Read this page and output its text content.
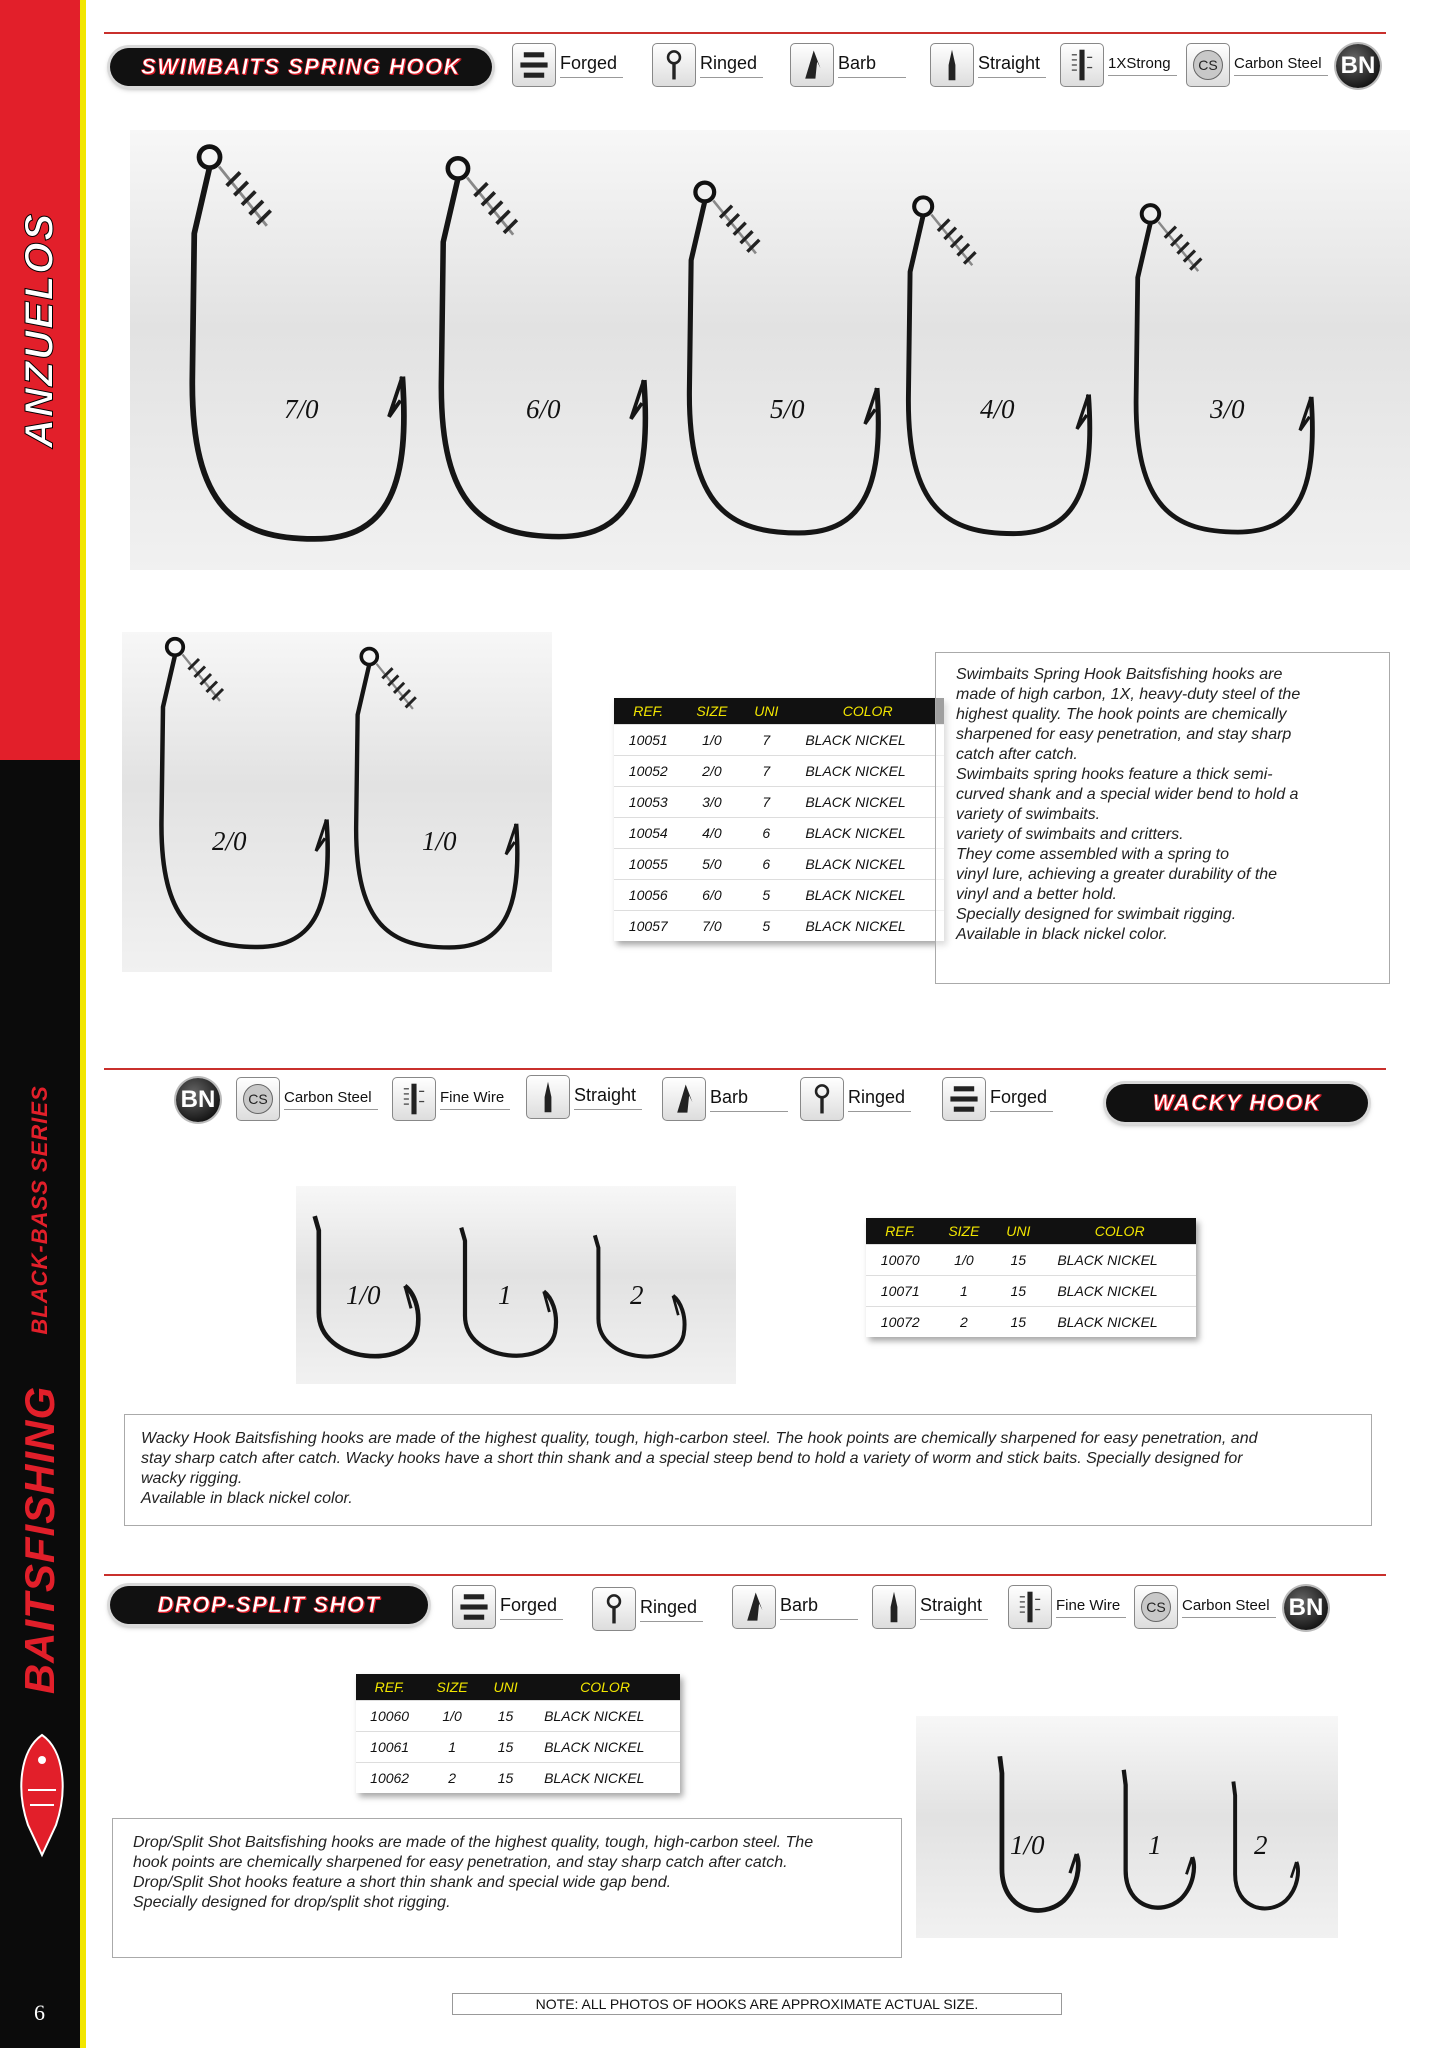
ANZUELOS
BLACK-BASS SERIES
BAITSFISHING
6
SWIMBAITS SPRING HOOK	Forged	Ringed	Barb	Straight	1XStrong	CS	Carbon Steel BN
7/0	6/0	5/0	4/0	3/0
2/0	1/0
REF.	SIZE	UNI	COLOR
10051	1/0	7	BLACK NICKEL
10052	2/0	7	BLACK NICKEL
10053	3/0	7	BLACK NICKEL
10054	4/0	6	BLACK NICKEL
10055	5/0	6	BLACK NICKEL
10056	6/0	5	BLACK NICKEL
10057	7/0	5	BLACK NICKEL

Swimbaits Spring Hook Baitsfishing hooks are

made of high carbon, 1X, heavy-duty steel of the

highest quality. The hook points are chemically

sharpened for easy penetration, and stay sharp

catch after catch.

Swimbaits spring hooks feature a thick semi-

curved shank and a special wider bend to hold a

variety of swimbaits.

variety of swimbaits and critters.

They come assembled with a spring to

vinyl lure, achieving a greater durability of the

vinyl and a better hold.

Specially designed for swimbait rigging.

Available in black nickel color.

BN	CS	Carbon Steel	Fine Wire	Straight	Barb	Ringed	Forged	WACKY HOOK
1/0	1	2
REF.	SIZE	UNI	COLOR
10070	1/0	15	BLACK NICKEL
10071	1	15	BLACK NICKEL
10072	2	15	BLACK NICKEL

Wacky Hook Baitsfishing hooks are made of the highest quality, tough, high-carbon steel. The hook points are chemically sharpened for easy penetration, and

stay sharp catch after catch. Wacky hooks have a short thin shank and a special steep bend to hold a variety of worm and stick baits. Specially designed for

wacky rigging.

Available in black nickel color.

DROP-SPLIT SHOT	Forged	Ringed	Barb	Straight	Fine Wire	CS	Carbon Steel BN
REF.	SIZE	UNI	COLOR
10060	1/0	15	BLACK NICKEL
10061	1	15	BLACK NICKEL
10062	2	15	BLACK NICKEL
1/0	1	2

Drop/Split Shot Baitsfishing hooks are made of the highest quality, tough, high-carbon steel. The

hook points are chemically sharpened for easy penetration, and stay sharp catch after catch.

Drop/Split Shot hooks feature a short thin shank and special wide gap bend.

Specially designed for drop/split shot rigging.

NOTE: ALL PHOTOS OF HOOKS ARE APPROXIMATE ACTUAL SIZE.
